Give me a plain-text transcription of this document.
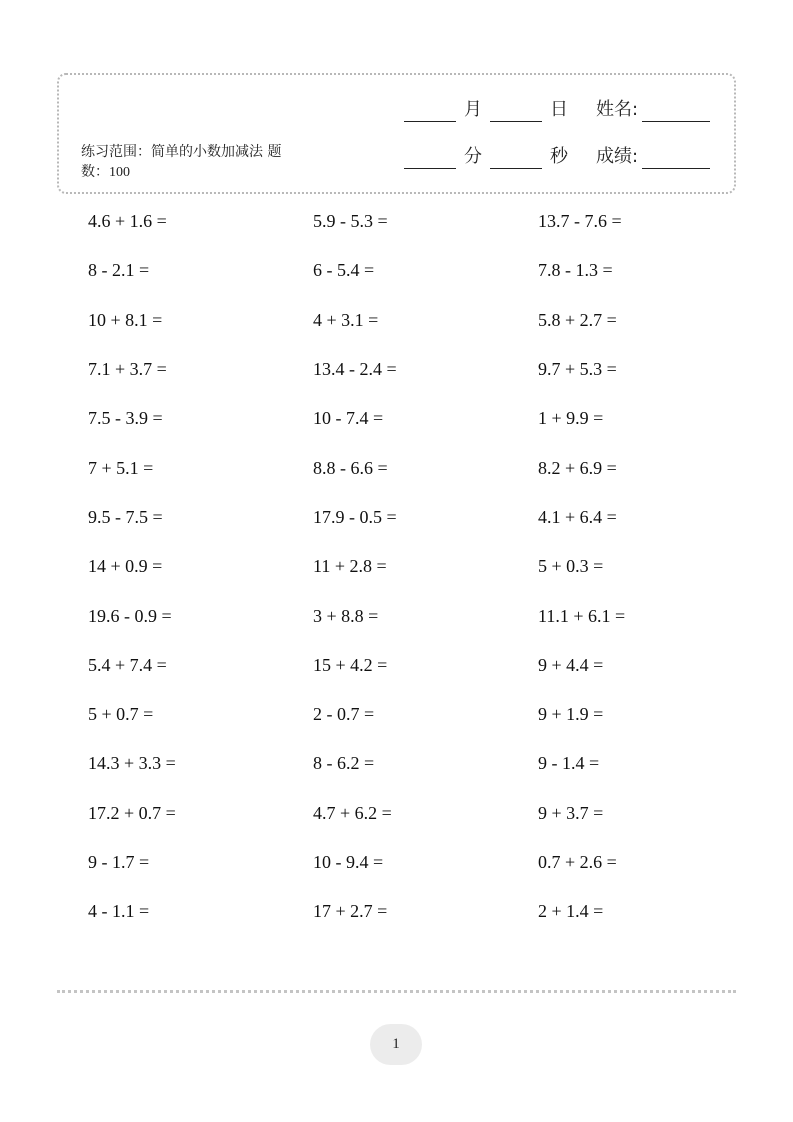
练习范围：简单的小数加减法 题数：100
月	日	姓名:
分	秒	成绩:
4.6 + 1.6 =	5.9 - 5.3 =	13.7 - 7.6 =
8 - 2.1 =	6 - 5.4 =	7.8 - 1.3 =
10 + 8.1 =	4 + 3.1 =	5.8 + 2.7 =
7.1 + 3.7 =	13.4 - 2.4 =	9.7 + 5.3 =
7.5 - 3.9 =	10 - 7.4 =	1 + 9.9 =
7 + 5.1 =	8.8 - 6.6 =	8.2 + 6.9 =
9.5 - 7.5 =	17.9 - 0.5 =	4.1 + 6.4 =
14 + 0.9 =	11 + 2.8 =	5 + 0.3 =
19.6 - 0.9 =	3 + 8.8 =	11.1 + 6.1 =
5.4 + 7.4 =	15 + 4.2 =	9 + 4.4 =
5 + 0.7 =	2 - 0.7 =	9 + 1.9 =
14.3 + 3.3 =	8 - 6.2 =	9 - 1.4 =
17.2 + 0.7 =	4.7 + 6.2 =	9 + 3.7 =
9 - 1.7 =	10 - 9.4 =	0.7 + 2.6 =
4 - 1.1 =	17 + 2.7 =	2 + 1.4 =
1
